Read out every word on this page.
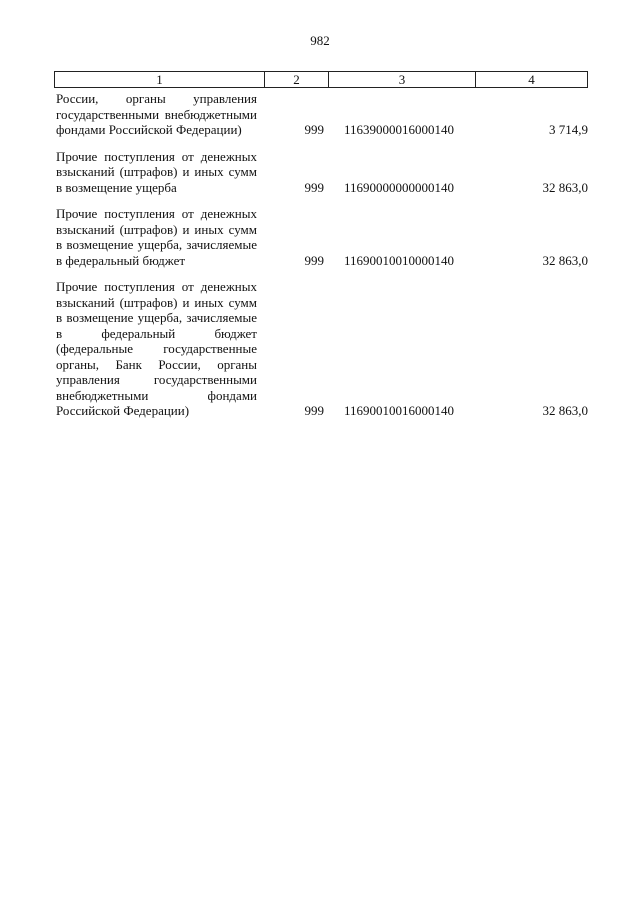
982
1	2	3	4
России, органы управления государственными внебюджетными фондами Российской Федерации)	999	11639000016000140	3 714,9
Прочие поступления от денежных взысканий (штрафов) и иных сумм в возмещение ущерба	999	11690000000000140	32 863,0
Прочие поступления от денежных взысканий (штрафов) и иных сумм в возмещение ущерба, зачисляемые в федеральный бюджет	999	11690010010000140	32 863,0
Прочие поступления от денежных взысканий (штрафов) и иных сумм в возмещение ущерба, зачисляемые в федеральный бюджет (федеральные государственные органы, Банк России, органы управления государственными внебюджетными фондами Российской Федерации)	999	11690010016000140	32 863,0
